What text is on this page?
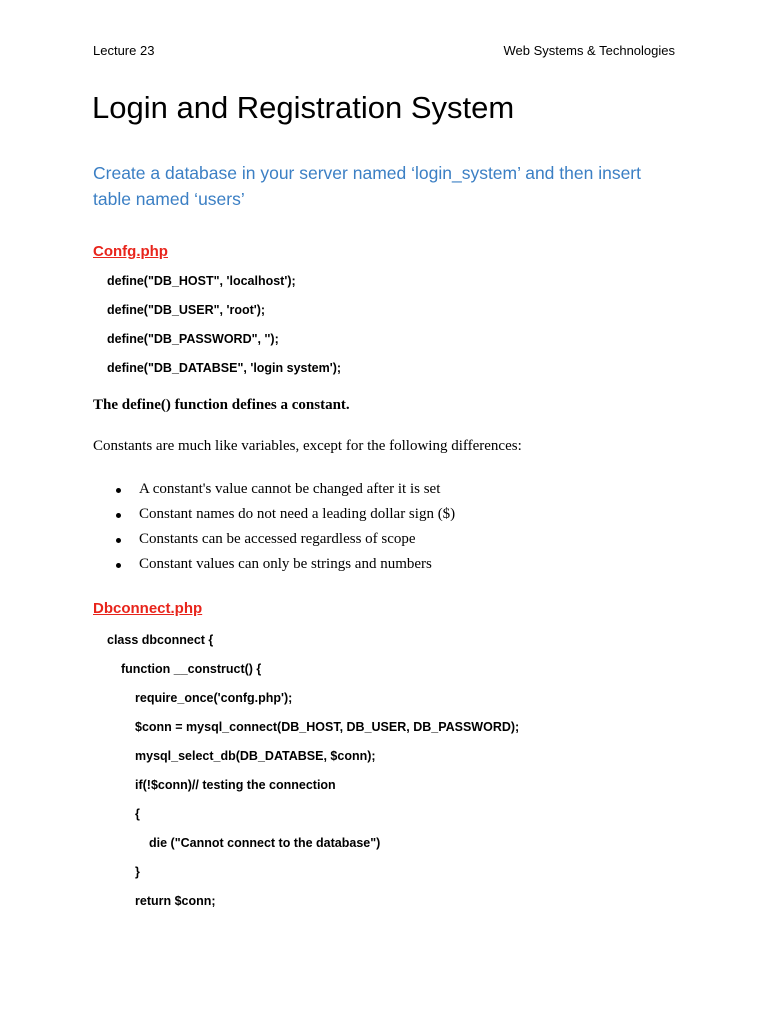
Lecture 23	Web Systems & Technologies
Login and Registration System

Create a database in your server named ‘login_system’ and then insert table named ‘users’

Confg.php
define("DB_HOST", 'localhost');
define("DB_USER", 'root');
define("DB_PASSWORD", '');
define("DB_DATABSE", 'login system');
The define() function defines a constant.
Constants are much like variables, except for the following differences:
A constant's value cannot be changed after it is set
Constant names do not need a leading dollar sign ($)
Constants can be accessed regardless of scope
Constant values can only be strings and numbers
Dbconnect.php
class dbconnect {
function __construct() {
require_once('confg.php');
$conn = mysql_connect(DB_HOST, DB_USER, DB_PASSWORD);
mysql_select_db(DB_DATABSE, $conn);
if(!$conn)// testing the connection
{
die ("Cannot connect to the database")
}
return $conn;
